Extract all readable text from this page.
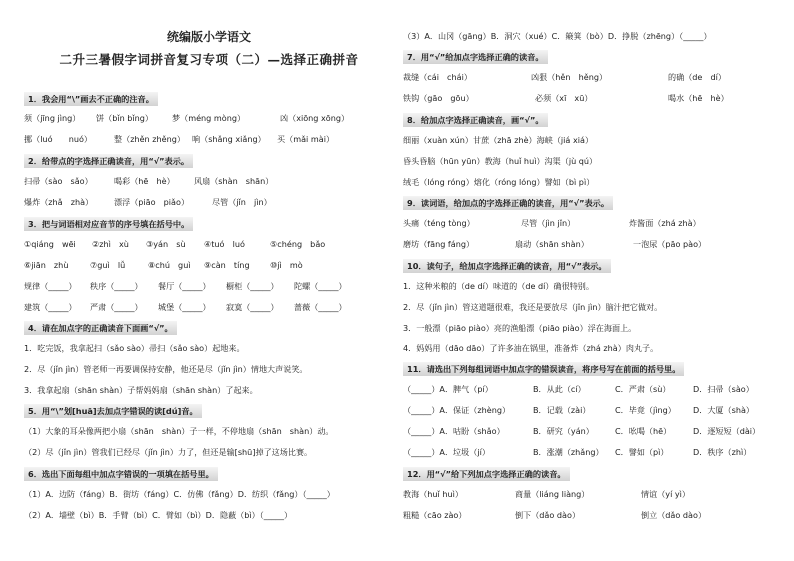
统编版小学语文
二升三暑假字词拼音复习专项（二）—选择正确拼音
1．我会用“\”画去不正确的注音。
须（jīng jìng） 饼（bǐn bǐng） 梦（méng mòng）	凶（xiōng xōng）
挪（luó　　nuó）	整（zhěn zhěng） 响（shǎng xiǎng） 买（mǎi mài）
2．给带点的字选择正确读音，用“√”表示。
扫帚（sào　sǎo）	喝彩（hē　hè） 风扇（shàn　shān）
爆炸（zhǎ　zhà）	漂浮（piāo　piǎo）	尽管（jǐn　jìn）
3．把与词语相对应音节的序号填在括号中。
①qiáng　wēi ②zhì　xù ③yán　sù ④tuó　luó	⑤chéng　bǎo
⑥jiān　zhù	⑦guì　lǚ	⑧chú　guì ⑨càn　tíng	⑩jì　mò
规律（_____） 秩序（_____） 餐厅（_____） 橱柜（_____） 陀螺（_____）
建筑（_____） 严肃（_____） 城堡（_____） 寂寞（_____） 蔷薇（_____）
4．请在加点字的正确读音下面画“√”。
1．吃完饭，我拿起扫（sǎo sào）帚扫（sǎo sào）起地来。
2．尽（jǐn jìn）管老师一再要调保持安静，他还是尽（jǐn jìn）情地大声说笑。
3．我拿起扇（shān shàn）子帮妈妈扇（shān shàn）了起来。
5．用“\”划[huā]去加点字错误的读[dú]音。
（1）大象的耳朵像两把小扇（shān　shàn）子一样，不停地扇（shān　shàn）动。
（2）尽（jǐn jìn）管我们已经尽（jǐn jìn）力了，但还是输[shū]掉了这场比赛。
6．选出下面每组中加点字错误的一项填在括号里。
（1）A．边防（fáng）B．街坊（fáng）C．仿佛（fǎng）D．纺织（fǎng）（_____）
（2）A．墙壁（bì）B．手臂（bì）C．臂如（bì）D．隐蔽（bì）（_____）
（3）A．山冈（gāng）B．洞穴（xué）C．簸箕（bò）D．挣脱（zhēng）（_____）
7．用“√”给加点字选择正确的读音。
裁缝（cái　chái）	凶狠（hěn　hěng）	的确（de　dí）
铁钩（gāo　gōu）	必须（xī　xū）	喝水（hē　hè）
8．给加点字选择正确读音，画“√”。
细丽（xuàn xún）甘蔗（zhā zhè）海峡（jiá xiá）
昏头昏脑（hūn yūn）教海（huǐ huì）沟渠（jù qú）
绒毛（lóng róng）熔化（róng lóng）譬如（bì pì）
9．读词语，给加点的字选择正确的读音，用“√”表示。
头痛（téng tòng）	尽管（jìn jǐn）	炸酱面（zhá zhà）
磨坊（fāng fáng）	扇动（shān shàn）	一泡尿（pāo pào）
10．读句子，给加点字选择正确的读音，用“√”表示。
1．这种米粮的（de dí）味道的（de dí）确很特别。
2．尽（jǐn jìn）管这道题很难，我还是要放尽（jǐn jìn）脑汁把它做对。
3．一般漂（piāo piào）亮的渔船漂（piāo piào）浮在海面上。
4．妈妈用（dāo dāo）了许多油在锅里，准备炸（zhá zhà）肉丸子。
11．请选出下列每组词语中加点字的错误读音，将序号写在前面的括号里。
（_____）A．脾气（pí）	B．从此（cí）	C．严肃（sù）	D．扫帚（sào）
（_____）A．保证（zhèng）	B．记载（zài）	C．毕竟（jìng） D．大厦（shà）
（_____）A．咕盼（shǎo）	B．研究（yán）	C．吆喝（hē）	D．逐短短（dài）
（_____）A．垃圾（jí）	B．涨潮（zhǎng） C．譬如（pì）	D．秩序（zhì）
12．用“√”给下列加点字选择正确的读音。
教海（huǐ huì）	商量（liáng liàng）	情谊（yí yì）
粗糙（cāo zào）	倒下（dǎo dào）	倒立（dǎo dào）
